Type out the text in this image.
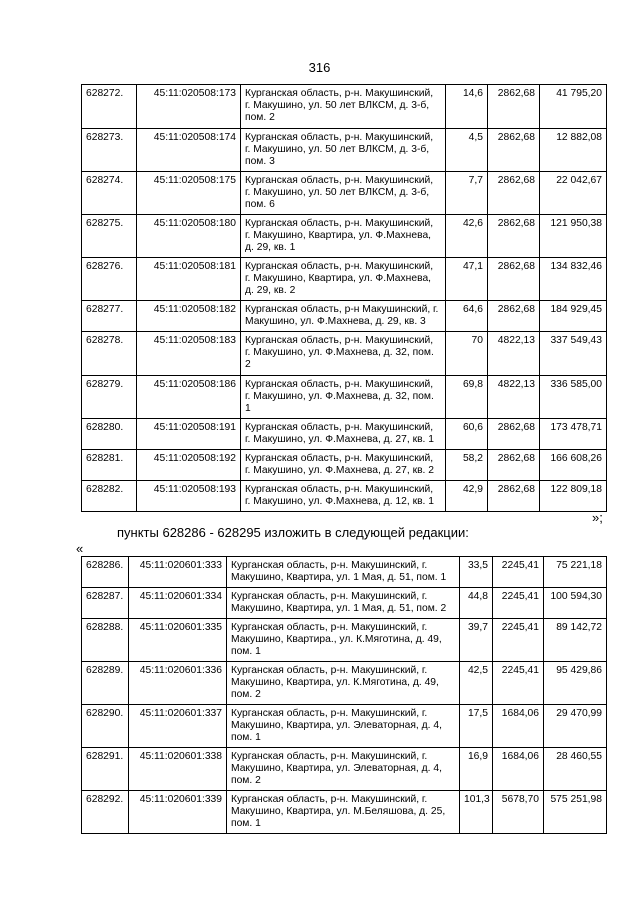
316
628272.	45:11:020508:173	Курганская область, р-н. Макушинский, г. Макушино, ул. 50 лет ВЛКСМ, д. 3-б, пом. 2	14,6	2862,68	41 795,20
628273.	45:11:020508:174	Курганская область, р-н. Макушинский, г. Макушино, ул. 50 лет ВЛКСМ, д. 3-б, пом. 3	4,5	2862,68	12 882,08
628274.	45:11:020508:175	Курганская область, р-н. Макушинский, г. Макушино, ул. 50 лет ВЛКСМ, д. 3-б, пом. 6	7,7	2862,68	22 042,67
628275.	45:11:020508:180	Курганская область, р-н. Макушинский, г. Макушино, Квартира, ул. Ф.Махнева, д. 29, кв. 1	42,6	2862,68	121 950,38
628276.	45:11:020508:181	Курганская область, р-н. Макушинский, г. Макушино, Квартира, ул. Ф.Махнева, д. 29, кв. 2	47,1	2862,68	134 832,46
628277.	45:11:020508:182	Курганская область, р-н Макушинский, г. Макушино, ул. Ф.Махнева, д. 29, кв. 3	64,6	2862,68	184 929,45
628278.	45:11:020508:183	Курганская область, р-н. Макушинский, г. Макушино, ул. Ф.Махнева, д. 32, пом. 2	70	4822,13	337 549,43
628279.	45:11:020508:186	Курганская область, р-н. Макушинский, г. Макушино, ул. Ф.Махнева, д. 32, пом. 1	69,8	4822,13	336 585,00
628280.	45:11:020508:191	Курганская область, р-н. Макушинский, г. Макушино, ул. Ф.Махнева, д. 27, кв. 1	60,6	2862,68	173 478,71
628281.	45:11:020508:192	Курганская область, р-н. Макушинский, г. Макушино, ул. Ф.Махнева, д. 27, кв. 2	58,2	2862,68	166 608,26
628282.	45:11:020508:193	Курганская область, р-н. Макушинский, г. Макушино, ул. Ф.Махнева, д. 12, кв. 1	42,9	2862,68	122 809,18
»;
пункты 628286 - 628295 изложить в следующей редакции:
«
628286.	45:11:020601:333	Курганская область, р-н. Макушинский, г. Макушино, Квартира, ул. 1 Мая, д. 51, пом. 1	33,5	2245,41	75 221,18
628287.	45:11:020601:334	Курганская область, р-н. Макушинский, г. Макушино, Квартира, ул. 1 Мая, д. 51, пом. 2	44,8	2245,41	100 594,30
628288.	45:11:020601:335	Курганская область, р-н. Макушинский, г. Макушино, Квартира., ул. К.Мяготина, д. 49, пом. 1	39,7	2245,41	89 142,72
628289.	45:11:020601:336	Курганская область, р-н. Макушинский, г. Макушино, Квартира, ул. К.Мяготина, д. 49, пом. 2	42,5	2245,41	95 429,86
628290.	45:11:020601:337	Курганская область, р-н. Макушинский, г. Макушино, Квартира, ул. Элеваторная, д. 4, пом. 1	17,5	1684,06	29 470,99
628291.	45:11:020601:338	Курганская область, р-н. Макушинский, г. Макушино, Квартира, ул. Элеваторная, д. 4, пом. 2	16,9	1684,06	28 460,55
628292.	45:11:020601:339	Курганская область, р-н. Макушинский, г. Макушино, Квартира, ул. М.Беляшова, д. 25, пом. 1	101,3	5678,70	575 251,98
